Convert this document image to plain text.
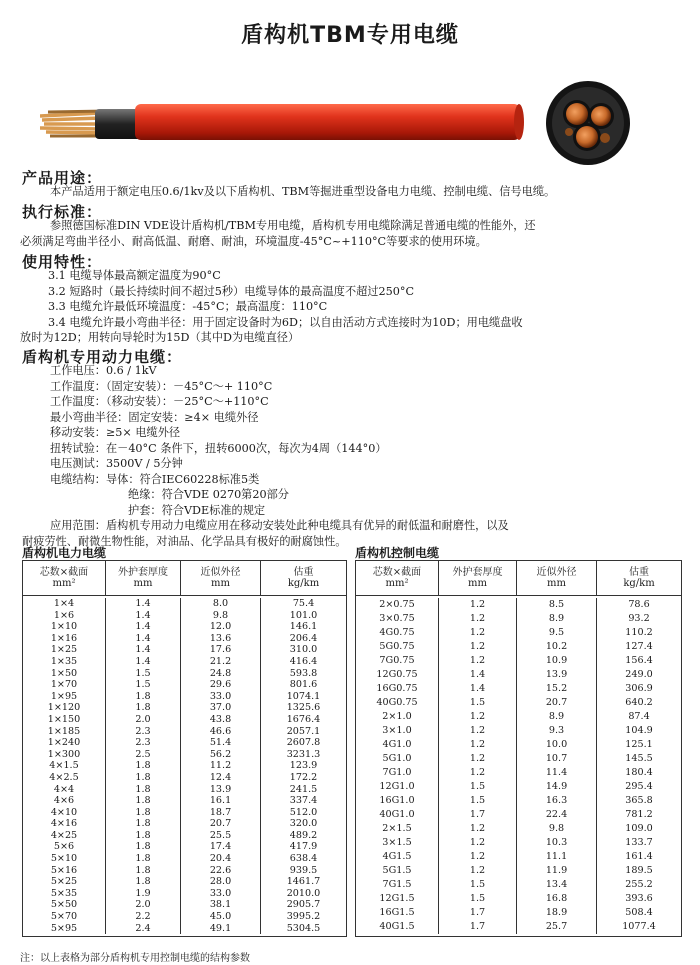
盾构机TBM专用电缆
产品用途：
本产品适用于额定电压0.6/1kv及以下盾构机、TBM等掘进重型设备电力电缆、控制电缆、信号电缆。
执行标准：
参照德国标准DIN VDE设计盾构机/TBM专用电缆，盾构机专用电缆除满足普通电缆的性能外，还
必须满足弯曲半径小、耐高低温、耐磨、耐油，环境温度-45°C~+110°C等要求的使用环境。
使用特性：
3.1 电缆导体最高额定温度为90°C
3.2 短路时（最长持续时间不超过5秒）电缆导体的最高温度不超过250°C
3.3 电缆允许最低环境温度：-45°C；最高温度：110°C
3.4 电缆允许最小弯曲半径：用于固定设备时为6D；以自由活动方式连接时为10D；用电缆盘收
放时为12D；用转向导轮时为15D（其中D为电缆直径）
盾构机专用动力电缆：
工作电压：0.6 / 1kV
工作温度：（固定安装）：－45°C～+ 110°C
工作温度：（移动安装）：－25°C～+110°C
最小弯曲半径：固定安装：≥4× 电缆外径
移动安装：≥5× 电缆外径
扭转试验：在－40°C 条件下，扭转6000次，每次为4周（144°0）
电压测试：3500V / 5分钟
电缆结构：导体：符合IEC60228标准5类
绝缘：符合VDE 0270第20部分
护套：符合VDE标准的规定
应用范围：盾构机专用动力电缆应用在移动安装处此种电缆具有优异的耐低温和耐磨性，以及
耐疲劳性、耐微生物性能，对油品、化学品具有极好的耐腐蚀性。
盾构机电力电缆
芯数×截面
mm²
外护套厚度
mm
近似外径
mm
估重
kg/km
1×4
1×6
1×10
1×16
1×25
1×35
1×50
1×70
1×95
1×120
1×150
1×185
1×240
1×300
4×1.5
4×2.5
4×4
4×6
4×10
4×16
4×25
5×6
5×10
5×16
5×25
5×35
5×50
5×70
5×95
1.4
1.4
1.4
1.4
1.4
1.4
1.5
1.5
1.8
1.8
2.0
2.3
2.3
2.5
1.8
1.8
1.8
1.8
1.8
1.8
1.8
1.8
1.8
1.8
1.8
1.9
2.0
2.2
2.4
8.0
9.8
12.0
13.6
17.6
21.2
24.8
29.6
33.0
37.0
43.8
46.6
51.4
56.2
11.2
12.4
13.9
16.1
18.7
20.7
25.5
17.4
20.4
22.6
28.0
33.0
38.1
45.0
49.1
75.4
101.0
146.1
206.4
310.0
416.4
593.8
801.6
1074.1
1325.6
1676.4
2057.1
2607.8
3231.3
123.9
172.2
241.5
337.4
512.0
320.0
489.2
417.9
638.4
939.5
1461.7
2010.0
2905.7
3995.2
5304.5
盾构机控制电缆
芯数×截面
mm²
外护套厚度
mm
近似外径
mm
估重
kg/km
2×0.75
3×0.75
4G0.75
5G0.75
7G0.75
12G0.75
16G0.75
40G0.75
2×1.0
3×1.0
4G1.0
5G1.0
7G1.0
12G1.0
16G1.0
40G1.0
2×1.5
3×1.5
4G1.5
5G1.5
7G1.5
12G1.5
16G1.5
40G1.5
1.2
1.2
1.2
1.2
1.2
1.4
1.4
1.5
1.2
1.2
1.2
1.2
1.2
1.5
1.5
1.7
1.2
1.2
1.2
1.2
1.5
1.5
1.7
1.7
8.5
8.9
9.5
10.2
10.9
13.9
15.2
20.7
8.9
9.3
10.0
10.7
11.4
14.9
16.3
22.4
9.8
10.3
11.1
11.9
13.4
16.8
18.9
25.7
78.6
93.2
110.2
127.4
156.4
249.0
306.9
640.2
87.4
104.9
125.1
145.5
180.4
295.4
365.8
781.2
109.0
133.7
161.4
189.5
255.2
393.6
508.4
1077.4
注：以上表格为部分盾构机专用控制电缆的结构参数
